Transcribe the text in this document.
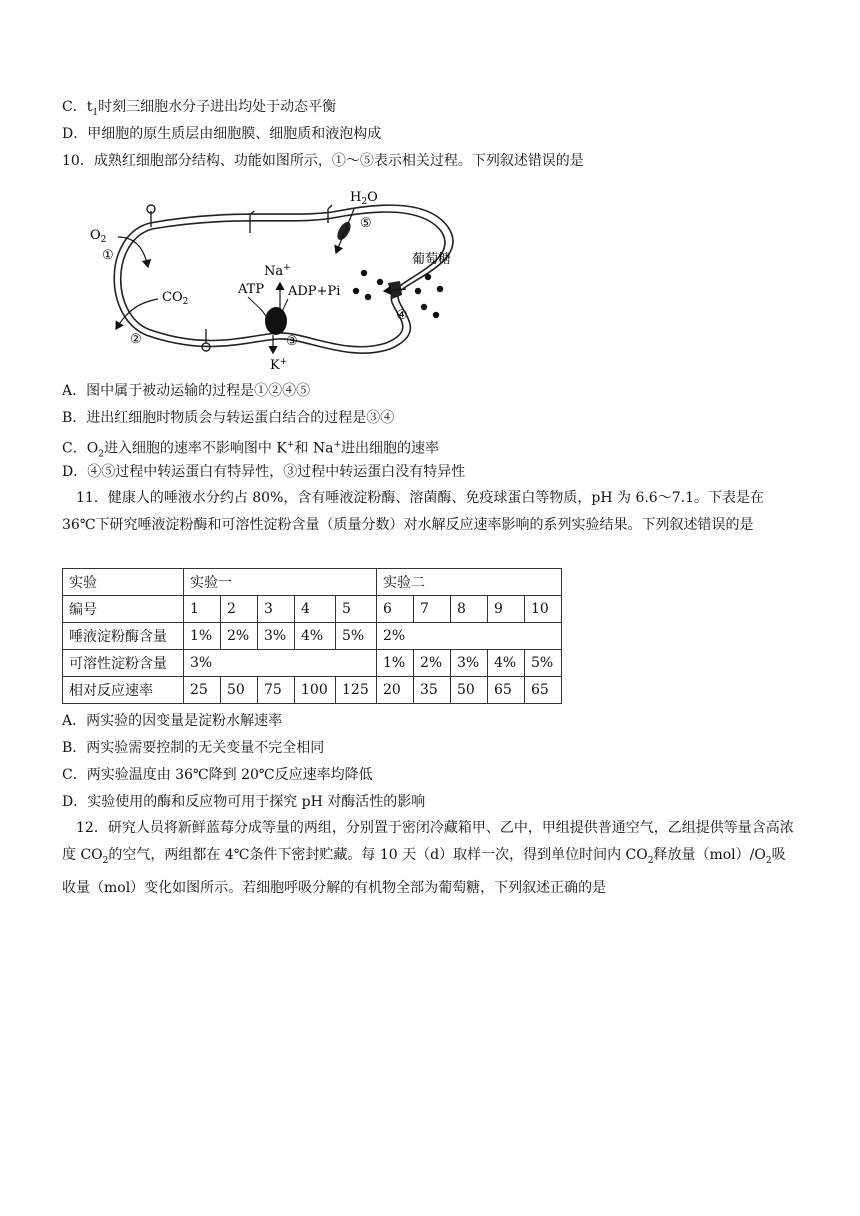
C．$t_1$时刻三细胞水分子进出均处于动态平衡
D．甲细胞的原生质层由细胞膜、细胞质和液泡构成
10．成熟红细胞部分结构、功能如图所示，①～⑤表示相关过程。下列叙述错误的是
$O_2$
①
$CO_2$
②
$H_2O$
⑤
葡萄糖
④
Na+
ATP ADP+Pi
③
K+
A．图中属于被动运输的过程是①②④⑤
B．进出红细胞时物质会与转运蛋白结合的过程是③④
C．$O_2$进入细胞的速率不影响图中 K+和 Na+进出细胞的速率
D．④⑤过程中转运蛋白有特异性，③过程中转运蛋白没有特异性
11．健康人的唾液水分约占 80%，含有唾液淀粉酶、溶菌酶、免疫球蛋白等物质，pH 为 6.6～7.1。下表是在 36℃下研究唾液淀粉酶和可溶性淀粉含量（质量分数）对水解反应速率影响的系列实验结果。下列叙述错误的是
实验	实验一					实验二				
编号	1	2	3	4	5	6	7	8	9	10
唾液淀粉酶含量	1%	2%	3%	4%	5%	2%				
可溶性淀粉含量	3%					1%	2%	3%	4%	5%
相对反应速率	25	50	75	100	125	20	35	50	65	65
A．两实验的因变量是淀粉水解速率
B．两实验需要控制的无关变量不完全相同
C．两实验温度由 36℃降到 20℃反应速率均降低
D．实验使用的酶和反应物可用于探究 pH 对酶活性的影响
12．研究人员将新鲜蓝莓分成等量的两组，分别置于密闭冷藏箱甲、乙中，甲组提供普通空气，乙组提供等量含高浓度 $CO_2$的空气，两组都在 4℃条件下密封贮藏。每 10 天（d）取样一次，得到单位时间内 $CO_2$释放量$(mol)/O_2$吸收量（mol）变化如图所示。若细胞呼吸分解的有机物全部为葡萄糖，下列叙述正确的是
